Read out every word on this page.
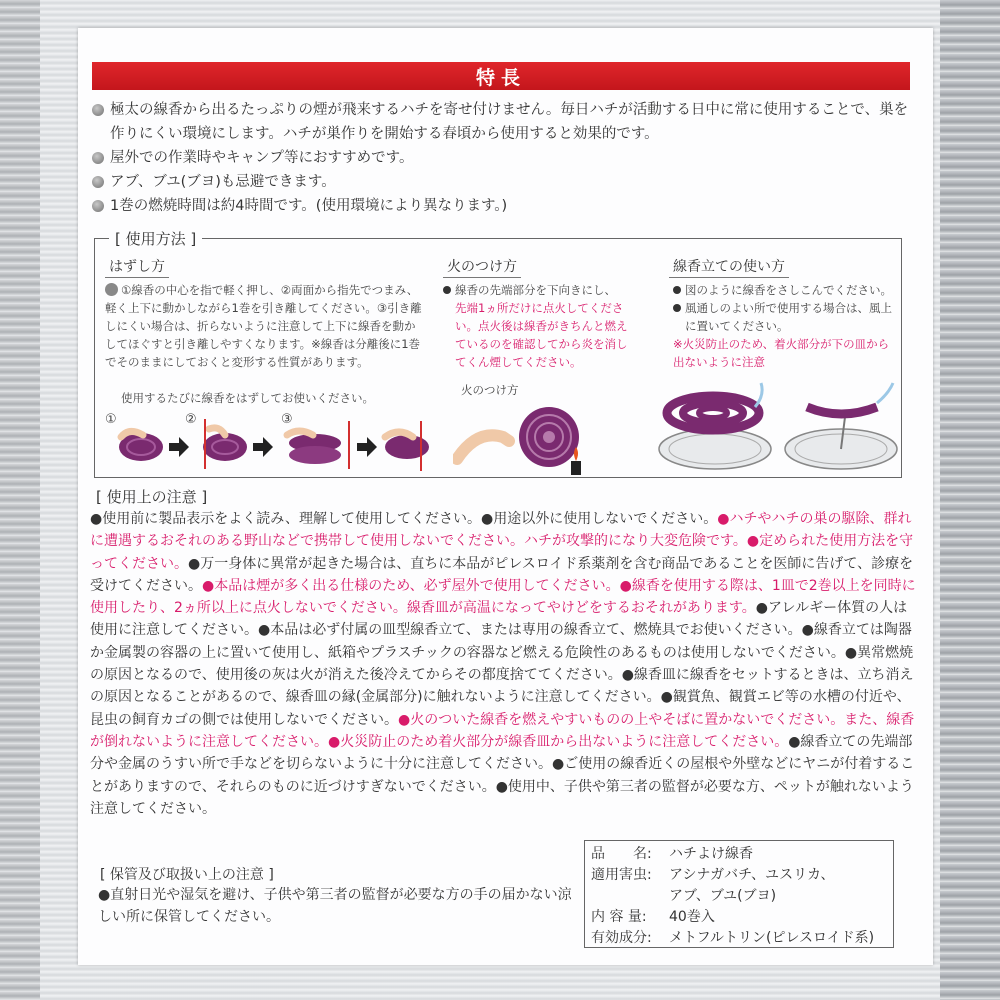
特長
極太の線香から出るたっぷりの煙が飛来するハチを寄せ付けません。毎日ハチが活動する日中に常に使用することで、巣を作りにくい環境にします。ハチが巣作りを開始する春頃から使用すると効果的です。
屋外での作業時やキャンプ等におすすめです。
アブ、ブユ(ブヨ)も忌避できます。
1巻の燃焼時間は約4時間です。(使用環境により異なります。)
[ 使用方法 ]
はずし方
①線香の中心を指で軽く押し、②両面から指先でつまみ、軽く上下に動かしながら1巻を引き離してください。③引き離しにくい場合は、折らないように注意して上下に線香を動かしてほぐすと引き離しやすくなります。※線香は分離後に1巻でそのままにしておくと変形する性質があります。
使用するたびに線香をはずしてお使いください。
①	②	③
火のつけ方
線香の先端部分を下向きにし、
先端1ヵ所だけに点火してください。点火後は線香がきちんと燃えているのを確認してから炎を消してくん煙してください。
火のつけ方
線香立ての使い方
図のように線香をさしこんでください。
風通しのよい所で使用する場合は、風上に置いてください。
※火災防止のため、着火部分が下の皿から出ないように注意
[ 使用上の注意 ]
●使用前に製品表示をよく読み、理解して使用してください。●用途以外に使用しないでください。●ハチやハチの巣の駆除、群れに遭遇するおそれのある野山などで携帯して使用しないでください。ハチが攻撃的になり大変危険です。●定められた使用方法を守ってください。●万一身体に異常が起きた場合は、直ちに本品がピレスロイド系薬剤を含む商品であることを医師に告げて、診療を受けてください。●本品は煙が多く出る仕様のため、必ず屋外で使用してください。●線香を使用する際は、1皿で2巻以上を同時に使用したり、2ヵ所以上に点火しないでください。線香皿が高温になってやけどをするおそれがあります。●アレルギー体質の人は使用に注意してください。●本品は必ず付属の皿型線香立て、または専用の線香立て、燃焼具でお使いください。●線香立ては陶器か金属製の容器の上に置いて使用し、紙箱やプラスチックの容器など燃える危険性のあるものは使用しないでください。●異常燃焼の原因となるので、使用後の灰は火が消えた後冷えてからその都度捨ててください。●線香皿に線香をセットするときは、立ち消えの原因となることがあるので、線香皿の縁(金属部分)に触れないように注意してください。●観賞魚、観賞エビ等の水槽の付近や、昆虫の飼育カゴの側では使用しないでください。●火のついた線香を燃えやすいものの上やそばに置かないでください。また、線香が倒れないように注意してください。●火災防止のため着火部分が線香皿から出ないように注意してください。●線香立ての先端部分や金属のうすい所で手などを切らないように十分に注意してください。●ご使用の線香近くの屋根や外壁などにヤニが付着することがありますので、それらのものに近づけすぎないでください。●使用中、子供や第三者の監督が必要な方、ペットが触れないよう注意してください。
[ 保管及び取扱い上の注意 ]
●直射日光や湿気を避け、子供や第三者の監督が必要な方の手の届かない涼しい所に保管してください。
品　　名:	ハチよけ線香
適用害虫:	アシナガバチ、ユスリカ、
アブ、ブユ(ブヨ)
内 容 量:	40巻入
有効成分:	メトフルトリン(ピレスロイド系)
